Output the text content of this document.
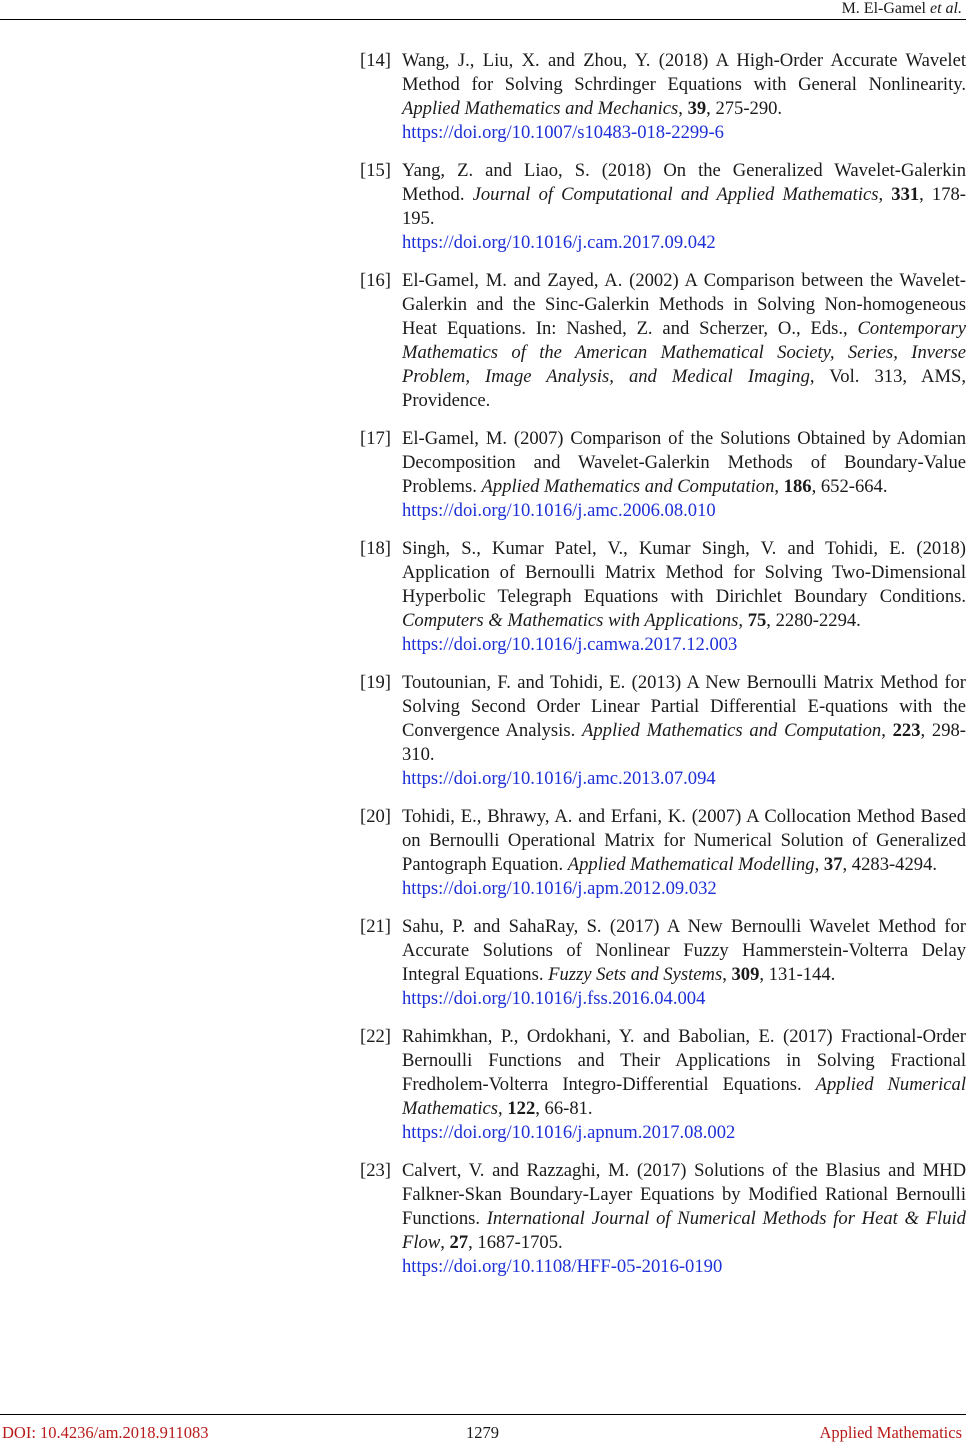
M. El-Gamel et al.
[14] Wang, J., Liu, X. and Zhou, Y. (2018) A High-Order Accurate Wavelet Method for Solving Schrdinger Equations with General Nonlinearity. Applied Mathematics and Mechanics, 39, 275-290.
https://doi.org/10.1007/s10483-018-2299-6
[15] Yang, Z. and Liao, S. (2018) On the Generalized Wavelet-Galerkin Method. Journal of Computational and Applied Mathematics, 331, 178-195.
https://doi.org/10.1016/j.cam.2017.09.042
[16] El-Gamel, M. and Zayed, A. (2002) A Comparison between the Wavelet-Galerkin and the Sinc-Galerkin Methods in Solving Non-homogeneous Heat Equations. In: Nashed, Z. and Scherzer, O., Eds., Contemporary Mathematics of the American Mathematical Society, Series, Inverse Problem, Image Analysis, and Medical Imaging, Vol. 313, AMS, Providence.
[17] El-Gamel, M. (2007) Comparison of the Solutions Obtained by Adomian Decomposition and Wavelet-Galerkin Methods of Boundary-Value Problems. Applied Mathematics and Computation, 186, 652-664.
https://doi.org/10.1016/j.amc.2006.08.010
[18] Singh, S., Kumar Patel, V., Kumar Singh, V. and Tohidi, E. (2018) Application of Bernoulli Matrix Method for Solving Two-Dimensional Hyperbolic Telegraph Equations with Dirichlet Boundary Conditions. Computers & Mathematics with Applications, 75, 2280-2294.
https://doi.org/10.1016/j.camwa.2017.12.003
[19] Toutounian, F. and Tohidi, E. (2013) A New Bernoulli Matrix Method for Solving Second Order Linear Partial Differential E-quations with the Convergence Analysis. Applied Mathematics and Computation, 223, 298-310.
https://doi.org/10.1016/j.amc.2013.07.094
[20] Tohidi, E., Bhrawy, A. and Erfani, K. (2007) A Collocation Method Based on Bernoulli Operational Matrix for Numerical Solution of Generalized Pantograph Equation. Applied Mathematical Modelling, 37, 4283-4294.
https://doi.org/10.1016/j.apm.2012.09.032
[21] Sahu, P. and SahaRay, S. (2017) A New Bernoulli Wavelet Method for Accurate Solutions of Nonlinear Fuzzy Hammerstein-Volterra Delay Integral Equations. Fuzzy Sets and Systems, 309, 131-144.
https://doi.org/10.1016/j.fss.2016.04.004
[22] Rahimkhan, P., Ordokhani, Y. and Babolian, E. (2017) Fractional-Order Bernoulli Functions and Their Applications in Solving Fractional Fredholem-Volterra Integro-Differential Equations. Applied Numerical Mathematics, 122, 66-81.
https://doi.org/10.1016/j.apnum.2017.08.002
[23] Calvert, V. and Razzaghi, M. (2017) Solutions of the Blasius and MHD Falkner-Skan Boundary-Layer Equations by Modified Rational Bernoulli Functions. International Journal of Numerical Methods for Heat & Fluid Flow, 27, 1687-1705.
https://doi.org/10.1108/HFF-05-2016-0190
DOI: 10.4236/am.2018.911083	1279	Applied Mathematics
